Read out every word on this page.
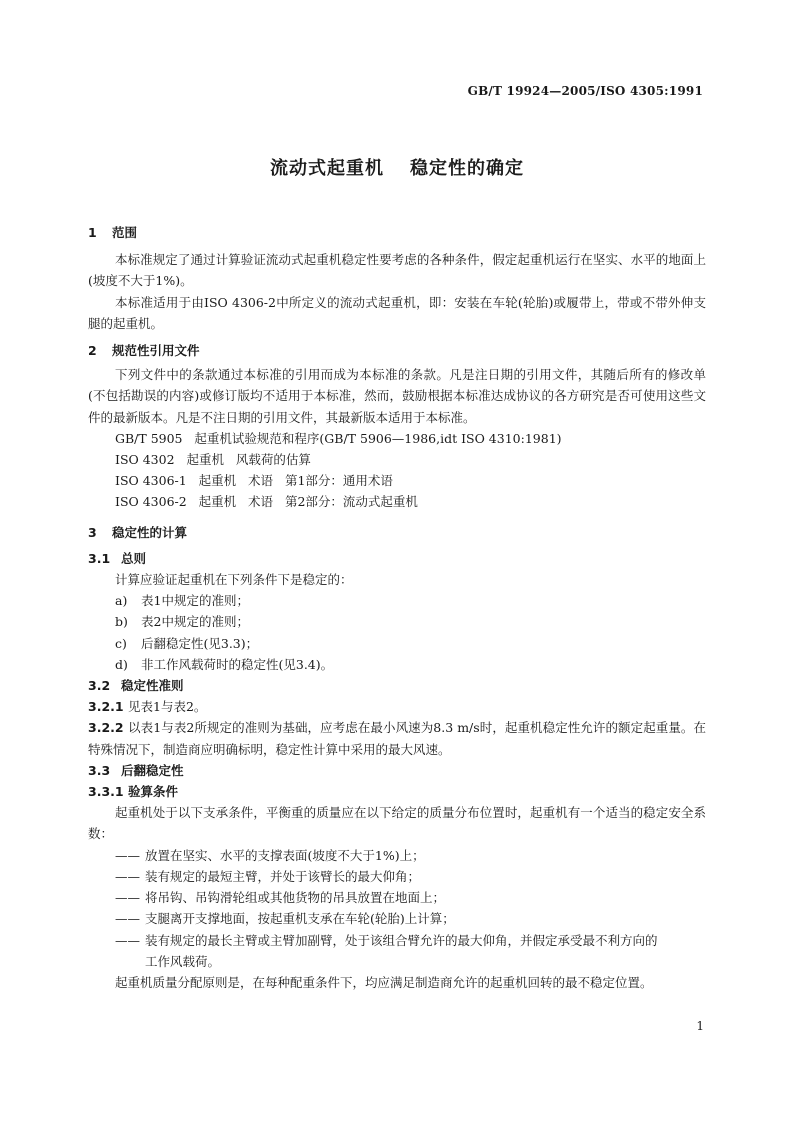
GB/T 19924—2005/ISO 4305:1991
流动式起重机 稳定性的确定
1 范围

本标准规定了通过计算验证流动式起重机稳定性要考虑的各种条件，假定起重机运行在坚实、水平的地面上(坡度不大于1%)。

本标准适用于由ISO 4306-2中所定义的流动式起重机，即：安装在车轮(轮胎)或履带上，带或不带外伸支腿的起重机。

2 规范性引用文件

下列文件中的条款通过本标准的引用而成为本标准的条款。凡是注日期的引用文件，其随后所有的修改单(不包括勘误的内容)或修订版均不适用于本标准，然而，鼓励根据本标准达成协议的各方研究是否可使用这些文件的最新版本。凡是不注日期的引用文件，其最新版本适用于本标准。

GB/T 5905   起重机试验规范和程序(GB/T 5906—1986,idt ISO 4310:1981)

ISO 4302   起重机   风载荷的估算

ISO 4306-1   起重机   术语   第1部分：通用术语

ISO 4306-2   起重机   术语   第2部分：流动式起重机

3 稳定性的计算
3.1 总则

计算应验证起重机在下列条件下是稳定的：

a) 表1中规定的准则；

b) 表2中规定的准则；

c) 后翻稳定性(见3.3)；

d) 非工作风载荷时的稳定性(见3.4)。

3.2 稳定性准则

3.2.1 见表1与表2。

3.2.2 以表1与表2所规定的准则为基础，应考虑在最小风速为8.3 m/s时，起重机稳定性允许的额定起重量。在特殊情况下，制造商应明确标明，稳定性计算中采用的最大风速。

3.3 后翻稳定性
3.3.1 验算条件

起重机处于以下支承条件，平衡重的质量应在以下给定的质量分布位置时，起重机有一个适当的稳定安全系数：

—— 放置在坚实、水平的支撑表面(坡度不大于1%)上；

—— 装有规定的最短主臂，并处于该臂长的最大仰角；

—— 将吊钩、吊钩滑轮组或其他货物的吊具放置在地面上；

—— 支腿离开支撑地面，按起重机支承在车轮(轮胎)上计算；

—— 装有规定的最长主臂或主臂加副臂，处于该组合臂允许的最大仰角，并假定承受最不利方向的

工作风载荷。

起重机质量分配原则是，在每种配重条件下，均应满足制造商允许的起重机回转的最不稳定位置。

1
